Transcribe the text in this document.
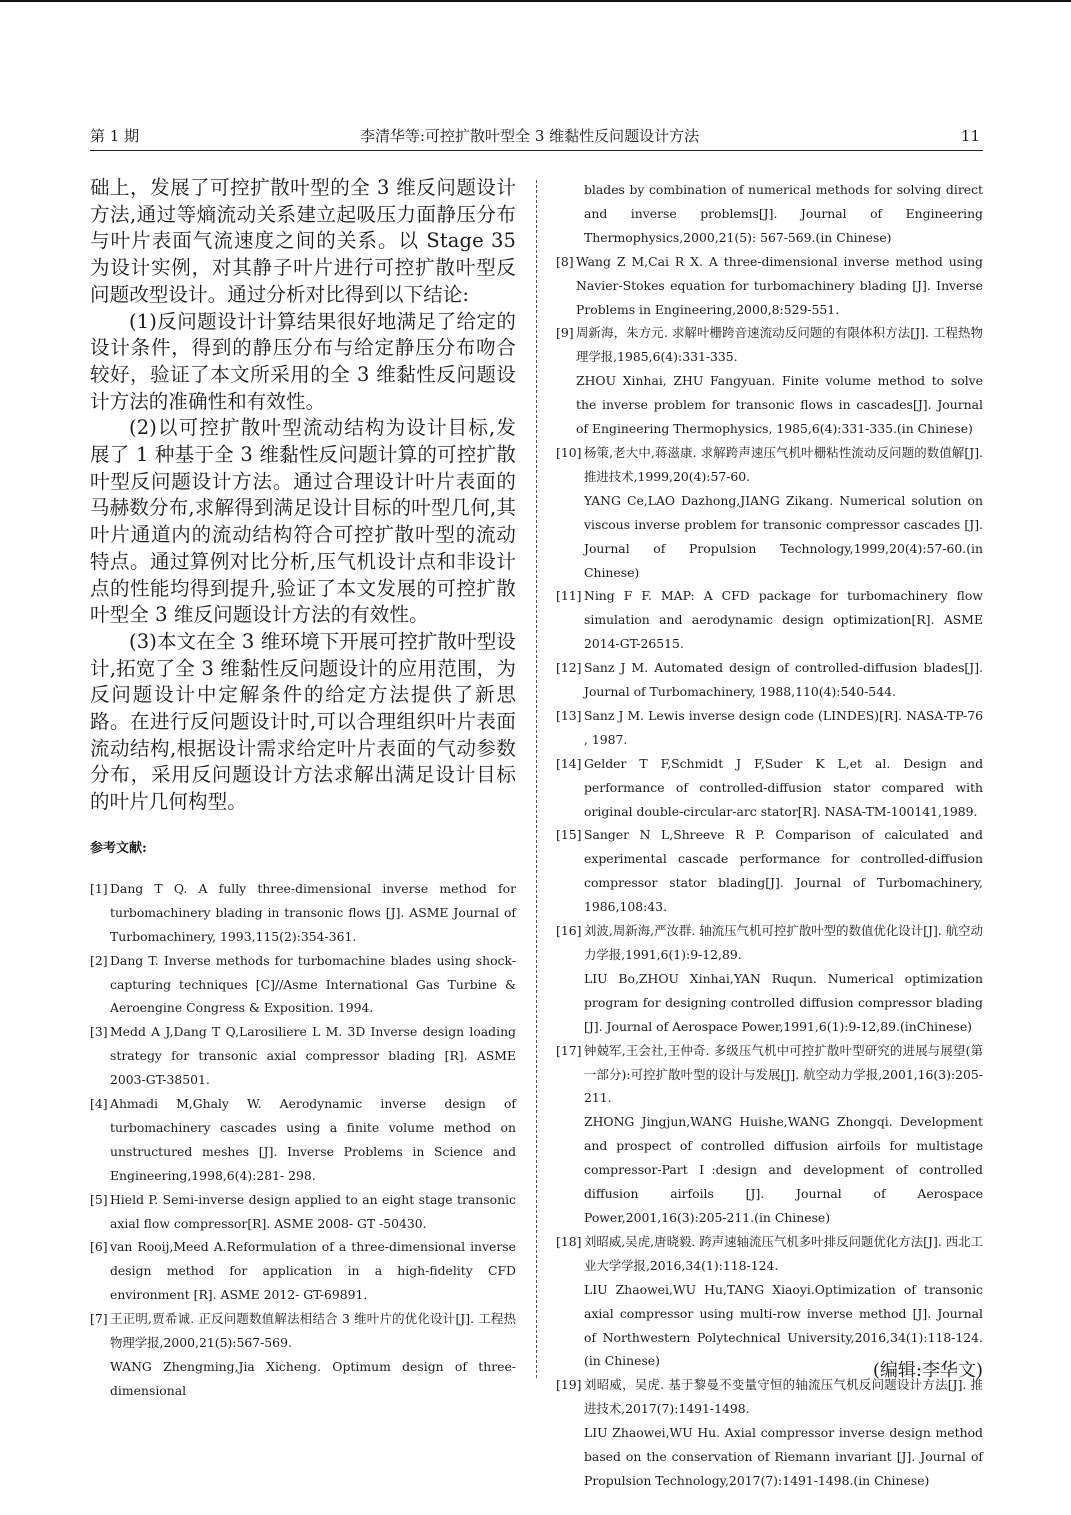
第 1 期	李清华等:可控扩散叶型全 3 维黏性反问题设计方法	11

础上，发展了可控扩散叶型的全 3 维反问题设计方法,通过等熵流动关系建立起吸压力面静压分布与叶片表面气流速度之间的关系。以 Stage 35 为设计实例，对其静子叶片进行可控扩散叶型反问题改型设计。通过分析对比得到以下结论:

(1)反问题设计计算结果很好地满足了给定的设计条件，得到的静压分布与给定静压分布吻合较好，验证了本文所采用的全 3 维黏性反问题设计方法的准确性和有效性。

(2)以可控扩散叶型流动结构为设计目标,发展了 1 种基于全 3 维黏性反问题计算的可控扩散叶型反问题设计方法。通过合理设计叶片表面的马赫数分布,求解得到满足设计目标的叶型几何,其叶片通道内的流动结构符合可控扩散叶型的流动特点。通过算例对比分析,压气机设计点和非设计点的性能均得到提升,验证了本文发展的可控扩散叶型全 3 维反问题设计方法的有效性。

(3)本文在全 3 维环境下开展可控扩散叶型设计,拓宽了全 3 维黏性反问题设计的应用范围，为反问题设计中定解条件的给定方法提供了新思路。在进行反问题设计时,可以合理组织叶片表面流动结构,根据设计需求给定叶片表面的气动参数分布，采用反问题设计方法求解出满足设计目标的叶片几何构型。

参考文献:
[1] Dang T Q. A fully three-dimensional inverse method for turbomachinery blading in transonic flows [J]. ASME Journal of Turbomachinery, 1993,115(2):354-361.
[2] Dang T. Inverse methods for turbomachine blades using shock-capturing techniques [C]//Asme International Gas Turbine & Aeroengine Congress & Exposition. 1994.
[3] Medd A J,Dang T Q,Larosiliere L M. 3D Inverse design loading strategy for transonic axial compressor blading [R]. ASME 2003-GT-38501.
[4] Ahmadi M,Ghaly W. Aerodynamic inverse design of turbomachinery cascades using a finite volume method on unstructured meshes [J]. Inverse Problems in Science and Engineering,1998,6(4):281- 298.
[5] Hield P. Semi-inverse design applied to an eight stage transonic axial flow compressor[R]. ASME 2008- GT -50430.
[6] van Rooij,Meed A.Reformulation of a three-dimensional inverse design method for application in a high-fidelity CFD environment [R]. ASME 2012- GT-69891.
[7] 王正明,贾希诚. 正反问题数值解法相结合 3 维叶片的优化设计[J]. 工程热物理学报,2000,21(5):567-569.
WANG Zhengming,Jia Xicheng. Optimum design of three-dimensional
blades by combination of numerical methods for solving direct and inverse problems[J]. Journal of Engineering Thermophysics,2000,21(5): 567-569.(in Chinese)
[8] Wang Z M,Cai R X. A three-dimensional inverse method using Navier-Stokes equation for turbomachinery blading [J]. Inverse Problems in Engineering,2000,8:529-551.
[9] 周新海，朱方元. 求解叶栅跨音速流动反问题的有限体积方法[J]. 工程热物理学报,1985,6(4):331-335.
ZHOU Xinhai, ZHU Fangyuan. Finite volume method to solve the inverse problem for transonic flows in cascades[J]. Journal of Engineering Thermophysics, 1985,6(4):331-335.(in Chinese)
[10] 杨策,老大中,蒋滋康. 求解跨声速压气机叶栅粘性流动反问题的数值解[J]. 推进技术,1999,20(4):57-60.
YANG Ce,LAO Dazhong,JIANG Zikang. Numerical solution on viscous inverse problem for transonic compressor cascades [J]. Journal of Propulsion Technology,1999,20(4):57-60.(in Chinese)
[11] Ning F F. MAP: A CFD package for turbomachinery flow simulation and aerodynamic design optimization[R]. ASME 2014-GT-26515.
[12] Sanz J M. Automated design of controlled-diffusion blades[J]. Journal of Turbomachinery, 1988,110(4):540-544.
[13] Sanz J M. Lewis inverse design code (LINDES)[R]. NASA-TP-76 , 1987.
[14] Gelder T F,Schmidt J F,Suder K L,et al. Design and performance of controlled-diffusion stator compared with original double-circular-arc stator[R]. NASA-TM-100141,1989.
[15] Sanger N L,Shreeve R P. Comparison of calculated and experimental cascade performance for controlled-diffusion compressor stator blading[J]. Journal of Turbomachinery, 1986,108:43.
[16] 刘波,周新海,严汝群. 轴流压气机可控扩散叶型的数值优化设计[J]. 航空动力学报,1991,6(1):9-12,89.
LIU Bo,ZHOU Xinhai,YAN Ruqun. Numerical optimization program for designing controlled diffusion compressor blading [J]. Journal of Aerospace Power,1991,6(1):9-12,89.(inChinese)
[17] 钟兢军,王会社,王仲奇. 多级压气机中可控扩散叶型研究的进展与展望(第一部分):可控扩散叶型的设计与发展[J]. 航空动力学报,2001,16(3):205-211.
ZHONG Jingjun,WANG Huishe,WANG Zhongqi. Development and prospect of controlled diffusion airfoils for multistage compressor-Part Ⅰ:design and development of controlled diffusion airfoils [J]. Journal of Aerospace Power,2001,16(3):205-211.(in Chinese)
[18] 刘昭威,吴虎,唐晓毅. 跨声速轴流压气机多叶排反问题优化方法[J]. 西北工业大学学报,2016,34(1):118-124.
LIU Zhaowei,WU Hu,TANG Xiaoyi.Optimization of transonic axial compressor using multi-row inverse method [J]. Journal of Northwestern Polytechnical University,2016,34(1):118-124.(in Chinese)
[19] 刘昭威，吴虎. 基于黎曼不变量守恒的轴流压气机反问题设计方法[J]. 推进技术,2017(7):1491-1498.
LIU Zhaowei,WU Hu. Axial compressor inverse design method based on the conservation of Riemann invariant [J]. Journal of Propulsion Technology,2017(7):1491-1498.(in Chinese)
(编辑:李华文)
